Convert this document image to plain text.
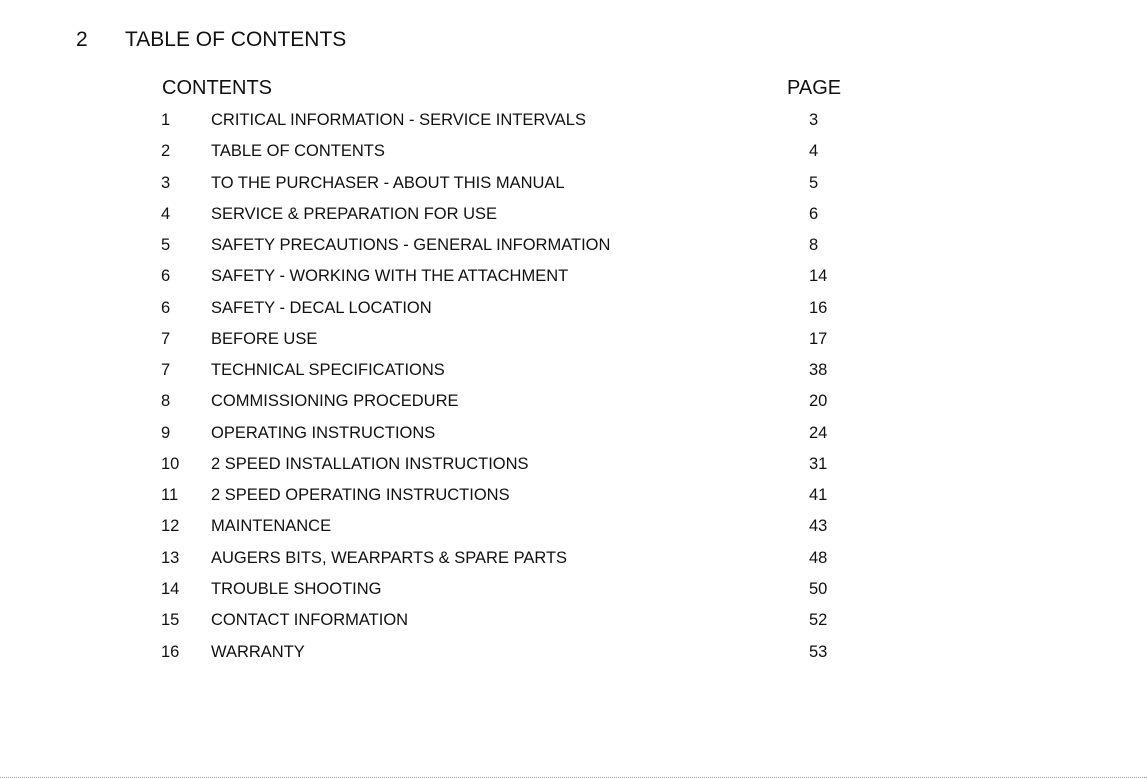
2 TABLE OF CONTENTS
CONTENTS	PAGE
1 CRITICAL INFORMATION - SERVICE INTERVALS	3
2 TABLE OF CONTENTS	4
3 TO THE PURCHASER - ABOUT THIS MANUAL	5
4 SERVICE & PREPARATION FOR USE	6
5 SAFETY PRECAUTIONS - GENERAL INFORMATION	8
6 SAFETY - WORKING WITH THE ATTACHMENT	14
6 SAFETY - DECAL LOCATION	16
7 BEFORE USE	17
7 TECHNICAL SPECIFICATIONS	38
8 COMMISSIONING PROCEDURE	20
9 OPERATING INSTRUCTIONS	24
10 2 SPEED INSTALLATION INSTRUCTIONS	31
11 2 SPEED OPERATING INSTRUCTIONS	41
12 MAINTENANCE	43
13 AUGERS BITS, WEARPARTS & SPARE PARTS	48
14 TROUBLE SHOOTING	50
15 CONTACT INFORMATION	52
16 WARRANTY	53
